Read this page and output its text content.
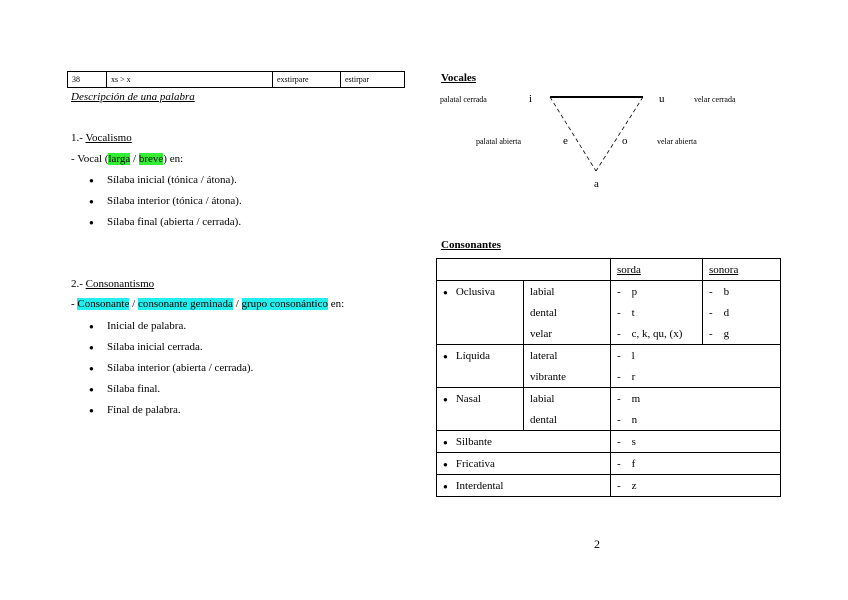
38	xs > x	exstirpare	estirpar
Descripción de una palabra
1.- Vocalismo
- Vocal (larga / breve) en:
● Sílaba inicial (tónica / átona).
● Sílaba interior (tónica / átona).
● Sílaba final (abierta / cerrada).
2.- Consonantismo
- Consonante / consonante geminada / grupo consonántico en:
● Inicial de palabra.
● Sílaba inicial cerrada.
● Sílaba interior (abierta / cerrada).
● Sílaba final.
● Final de palabra.
Vocales
palatal cerrada	i	u	velar cerrada
palatal abierta	e	o	velar abierta
a
Consonantes
		sorda	sonora
● Oclusiva	labial	-    p	-    b
	dental	-    t	-    d
	velar	-    c, k, qu, (x)	-    g
● Líquida	lateral	-    l	
	vibrante	-    r	
● Nasal	labial	-    m	
	dental	-    n	
● Silbante		-    s	
● Fricativa		-    f	
● Interdental		-    z	
2
